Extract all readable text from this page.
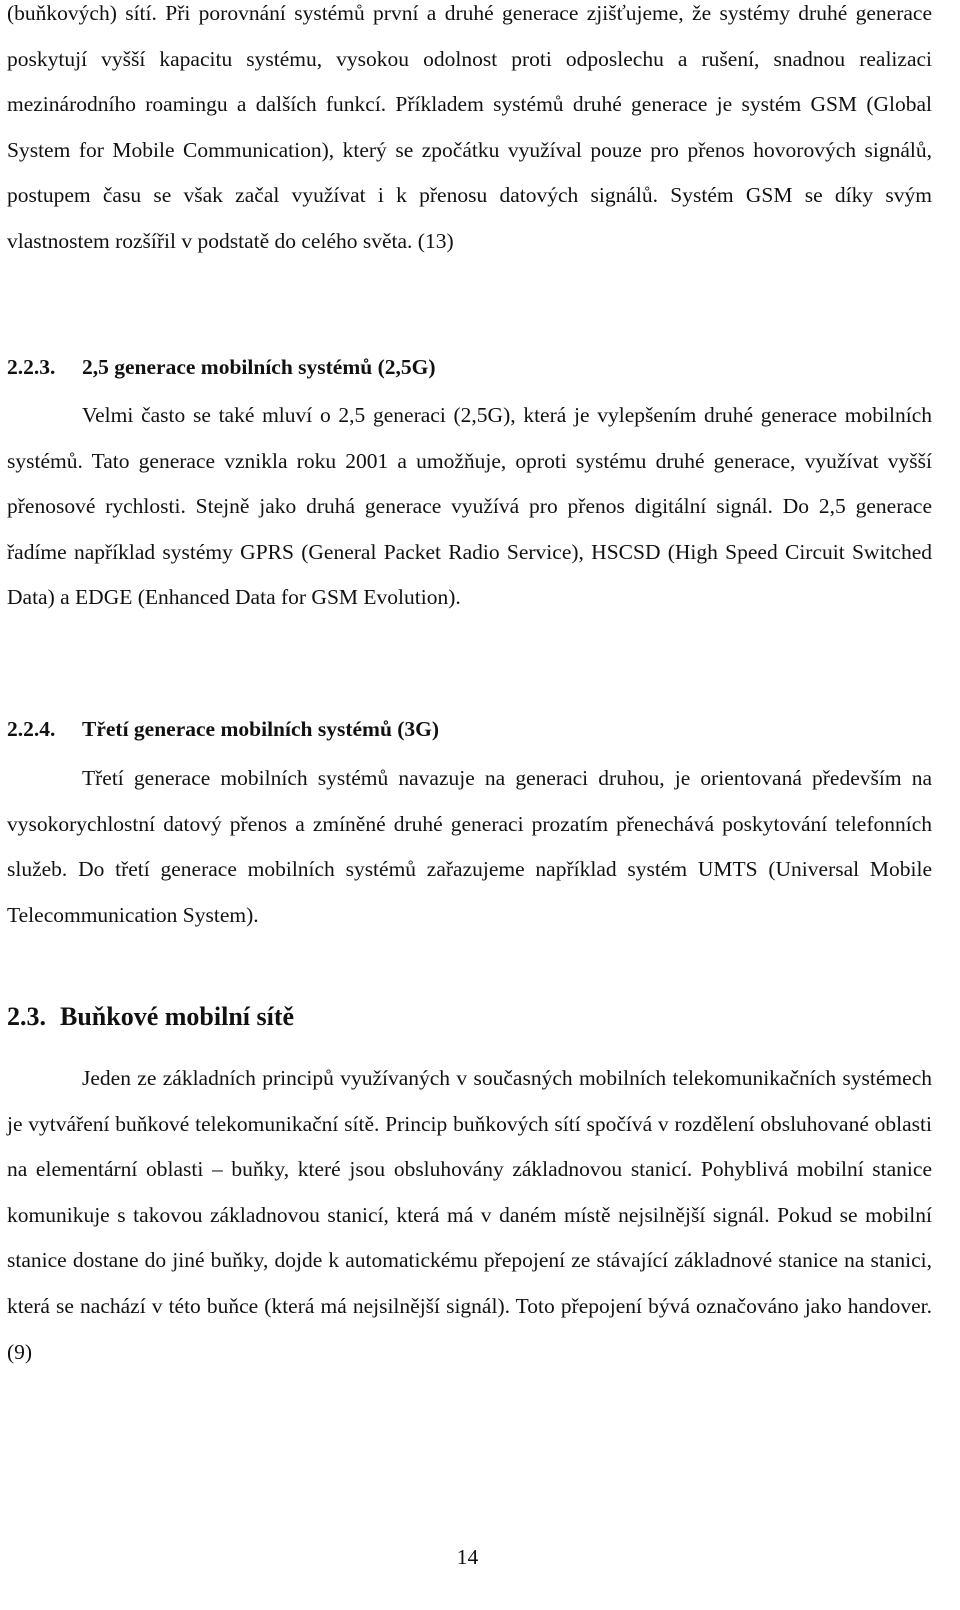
(buňkových) sítí. Při porovnání systémů první a druhé generace zjišťujeme, že systémy druhé generace poskytují vyšší kapacitu systému, vysokou odolnost proti odposlechu a rušení, snadnou realizaci mezinárodního roamingu a dalších funkcí. Příkladem systémů druhé generace je systém GSM (Global System for Mobile Communication), který se zpočátku využíval pouze pro přenos hovorových signálů, postupem času se však začal využívat i k přenosu datových signálů. Systém GSM se díky svým vlastnostem rozšířil v podstatě do celého světa. (13)

2.2.3. 2,5 generace mobilních systémů (2,5G)

Velmi často se také mluví o 2,5 generaci (2,5G), která je vylepšením druhé generace mobilních systémů. Tato generace vznikla roku 2001 a umožňuje, oproti systému druhé generace, využívat vyšší přenosové rychlosti. Stejně jako druhá generace využívá pro přenos digitální signál. Do 2,5 generace řadíme například systémy GPRS (General Packet Radio Service), HSCSD (High Speed Circuit Switched Data) a EDGE (Enhanced Data for GSM Evolution).

2.2.4. Třetí generace mobilních systémů (3G)

Třetí generace mobilních systémů navazuje na generaci druhou, je orientovaná především na vysokorychlostní datový přenos a zmíněné druhé generaci prozatím přenechává poskytování telefonních služeb. Do třetí generace mobilních systémů zařazujeme například systém UMTS (Universal Mobile Telecommunication System).

2.3. Buňkové mobilní sítě

Jeden ze základních principů využívaných v současných mobilních telekomunikačních systémech je vytváření buňkové telekomunikační sítě. Princip buňkových sítí spočívá v rozdělení obsluhované oblasti na elementární oblasti – buňky, které jsou obsluhovány základnovou stanicí. Pohyblivá mobilní stanice komunikuje s takovou základnovou stanicí, která má v daném místě nejsilnější signál. Pokud se mobilní stanice dostane do jiné buňky, dojde k automatickému přepojení ze stávající základnové stanice na stanici, která se nachází v této buňce (která má nejsilnější signál). Toto přepojení bývá označováno jako handover. (9)

14
